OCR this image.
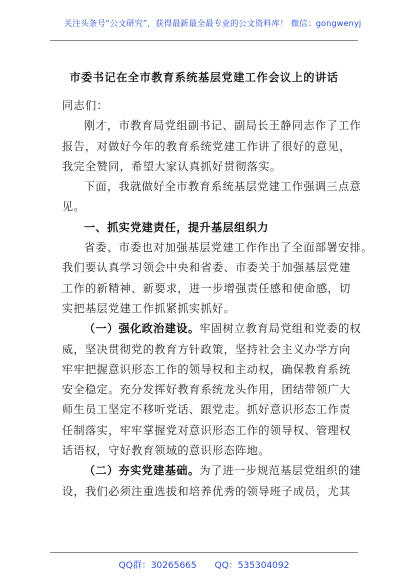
关注头条号“公文研究”，获得最新最全最专业的公文资料库！ 微信：gongwenyj
市委书记在全市教育系统基层党建工作会议上的讲话
同志们：
刚才，市教育局党组副书记、副局长王静同志作了工作
报告，对做好今年的教育系统党建工作讲了很好的意见，
我完全赞同，希望大家认真抓好贯彻落实。
下面，我就做好全市教育系统基层党建工作强调三点意
见。
一、抓实党建责任，提升基层组织力
省委、市委也对加强基层党建工作作出了全面部署安排。
我们要认真学习领会中央和省委、市委关于加强基层党建
工作的新精神、新要求，进一步增强责任感和使命感，切
实把基层党建工作抓紧抓实抓好。
（一）强化政治建设。牢固树立教育局党组和党委的权
威，坚决贯彻党的教育方针政策，坚持社会主义办学方向
牢牢把握意识形态工作的领导权和主动权，确保教育系统
安全稳定。充分发挥好教育系统龙头作用，团结带领广大
师生员工坚定不移听党话、跟党走。抓好意识形态工作责
任制落实，牢牢掌握党对意识形态工作的领导权、管理权
话语权，守好教育领域的意识形态阵地。
（二）夯实党建基础。为了进一步规范基层党组织的建
设，我们必须注重选拔和培养优秀的领导班子成员，尤其
QQ群：30265665 QQ：535304092
